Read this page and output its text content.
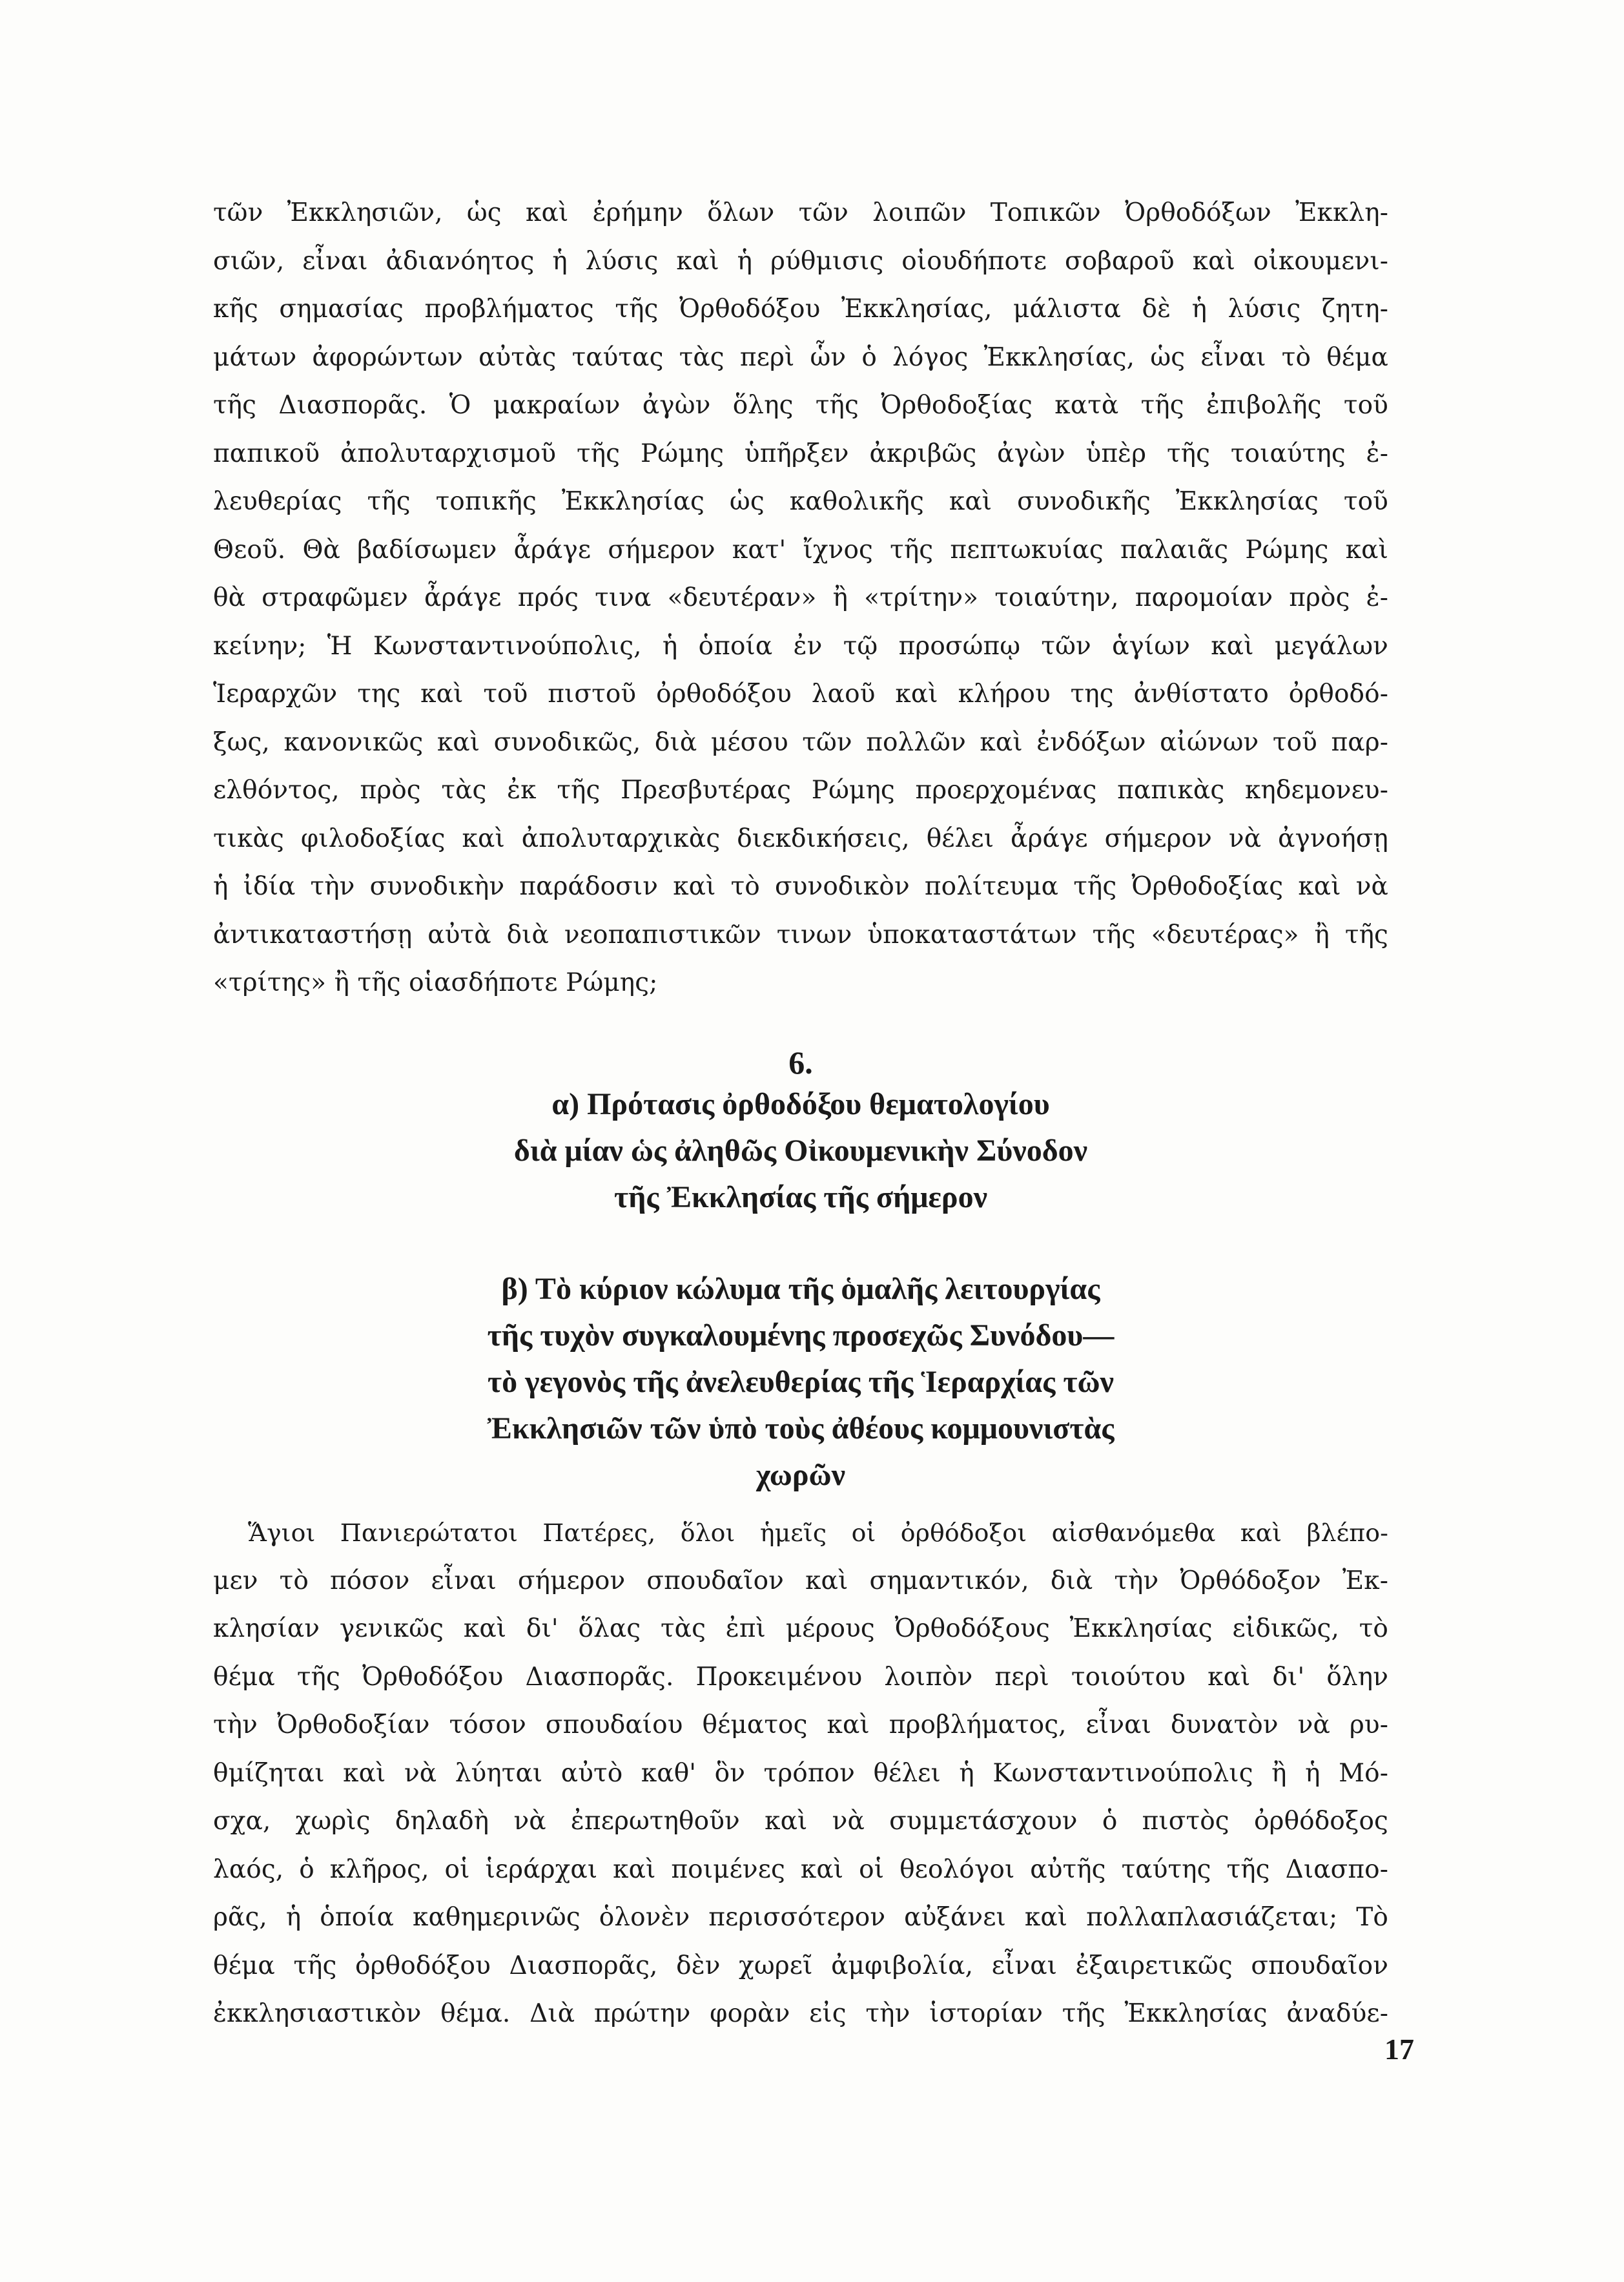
τῶν Ἐκκλησιῶν, ὡς καὶ ἐρήμην ὅλων τῶν λοιπῶν Τοπικῶν Ὀρθοδόξων Ἐκκλη-
σιῶν, εἶναι ἀδιανόητος ἡ λύσις καὶ ἡ ρύθμισις οἱουδήποτε σοβαροῦ καὶ οἰκουμενι-
κῆς σημασίας προβλήματος τῆς Ὀρθοδόξου Ἐκκλησίας, μάλιστα δὲ ἡ λύσις ζητη-
μάτων ἀφορώντων αὐτὰς ταύτας τὰς περὶ ὧν ὁ λόγος Ἐκκλησίας, ὡς εἶναι τὸ θέμα
τῆς Διασπορᾶς. Ὁ μακραίων ἀγὼν ὅλης τῆς Ὀρθοδοξίας κατὰ τῆς ἐπιβολῆς τοῦ
παπικοῦ ἀπολυταρχισμοῦ τῆς Ρώμης ὑπῆρξεν ἀκριβῶς ἀγὼν ὑπὲρ τῆς τοιαύτης ἐ-
λευθερίας τῆς τοπικῆς Ἐκκλησίας ὡς καθολικῆς καὶ συνοδικῆς Ἐκκλησίας τοῦ
Θεοῦ. Θὰ βαδίσωμεν ἆράγε σήμερον κατ' ἴχνος τῆς πεπτωκυίας παλαιᾶς Ρώμης καὶ
θὰ στραφῶμεν ἆράγε πρός τινα «δευτέραν» ἢ «τρίτην» τοιαύτην, παρομοίαν πρὸς ἐ-
κείνην; Ἡ Κωνσταντινούπολις, ἡ ὁποία ἐν τῷ προσώπῳ τῶν ἁγίων καὶ μεγάλων
Ἱεραρχῶν της καὶ τοῦ πιστοῦ ὀρθοδόξου λαοῦ καὶ κλήρου της ἀνθίστατο ὀρθοδό-
ξως, κανονικῶς καὶ συνοδικῶς, διὰ μέσου τῶν πολλῶν καὶ ἐνδόξων αἰώνων τοῦ παρ-
ελθόντος, πρὸς τὰς ἐκ τῆς Πρεσβυτέρας Ρώμης προερχομένας παπικὰς κηδεμονευ-
τικὰς φιλοδοξίας καὶ ἀπολυταρχικὰς διεκδικήσεις, θέλει ἆράγε σήμερον νὰ ἀγνοήσῃ
ἡ ἰδία τὴν συνοδικὴν παράδοσιν καὶ τὸ συνοδικὸν πολίτευμα τῆς Ὀρθοδοξίας καὶ νὰ
ἀντικαταστήσῃ αὐτὰ διὰ νεοπαπιστικῶν τινων ὑποκαταστάτων τῆς «δευτέρας» ἢ τῆς
«τρίτης» ἢ τῆς οἱασδήποτε Ρώμης;

6.

α) Πρότασις ὀρθοδόξου θεματολογίου
διὰ μίαν ὡς ἀληθῶς Οἰκουμενικὴν Σύνοδον
τῆς Ἐκκλησίας τῆς σήμερον
β) Τὸ κύριον κώλυμα τῆς ὁμαλῆς λειτουργίας
τῆς τυχὸν συγκαλουμένης προσεχῶς Συνόδου—
τὸ γεγονὸς τῆς ἀνελευθερίας τῆς Ἱεραρχίας τῶν
Ἐκκλησιῶν τῶν ὑπὸ τοὺς ἀθέους κομμουνιστὰς
χωρῶν
Ἅγιοι Πανιερώτατοι Πατέρες, ὅλοι ἡμεῖς οἱ ὀρθόδοξοι αἰσθανόμεθα καὶ βλέπο-
μεν τὸ πόσον εἶναι σήμερον σπουδαῖον καὶ σημαντικόν, διὰ τὴν Ὀρθόδοξον Ἐκ-
κλησίαν γενικῶς καὶ δι' ὅλας τὰς ἐπὶ μέρους Ὀρθοδόξους Ἐκκλησίας εἰδικῶς, τὸ
θέμα τῆς Ὀρθοδόξου Διασπορᾶς. Προκειμένου λοιπὸν περὶ τοιούτου καὶ δι' ὅλην
τὴν Ὀρθοδοξίαν τόσον σπουδαίου θέματος καὶ προβλήματος, εἶναι δυνατὸν νὰ ρυ-
θμίζηται καὶ νὰ λύηται αὐτὸ καθ' ὃν τρόπον θέλει ἡ Κωνσταντινούπολις ἢ ἡ Μό-
σχα, χωρὶς δηλαδὴ νὰ ἐπερωτηθοῦν καὶ νὰ συμμετάσχουν ὁ πιστὸς ὀρθόδοξος
λαός, ὁ κλῆρος, οἱ ἱεράρχαι καὶ ποιμένες καὶ οἱ θεολόγοι αὐτῆς ταύτης τῆς Διασπο-
ρᾶς, ἡ ὁποία καθημερινῶς ὁλονὲν περισσότερον αὐξάνει καὶ πολλαπλασιάζεται; Τὸ
θέμα τῆς ὀρθοδόξου Διασπορᾶς, δὲν χωρεῖ ἀμφιβολία, εἶναι ἐξαιρετικῶς σπουδαῖον
ἐκκλησιαστικὸν θέμα. Διὰ πρώτην φορὰν εἰς τὴν ἱστορίαν τῆς Ἐκκλησίας ἀναδύε-
17
